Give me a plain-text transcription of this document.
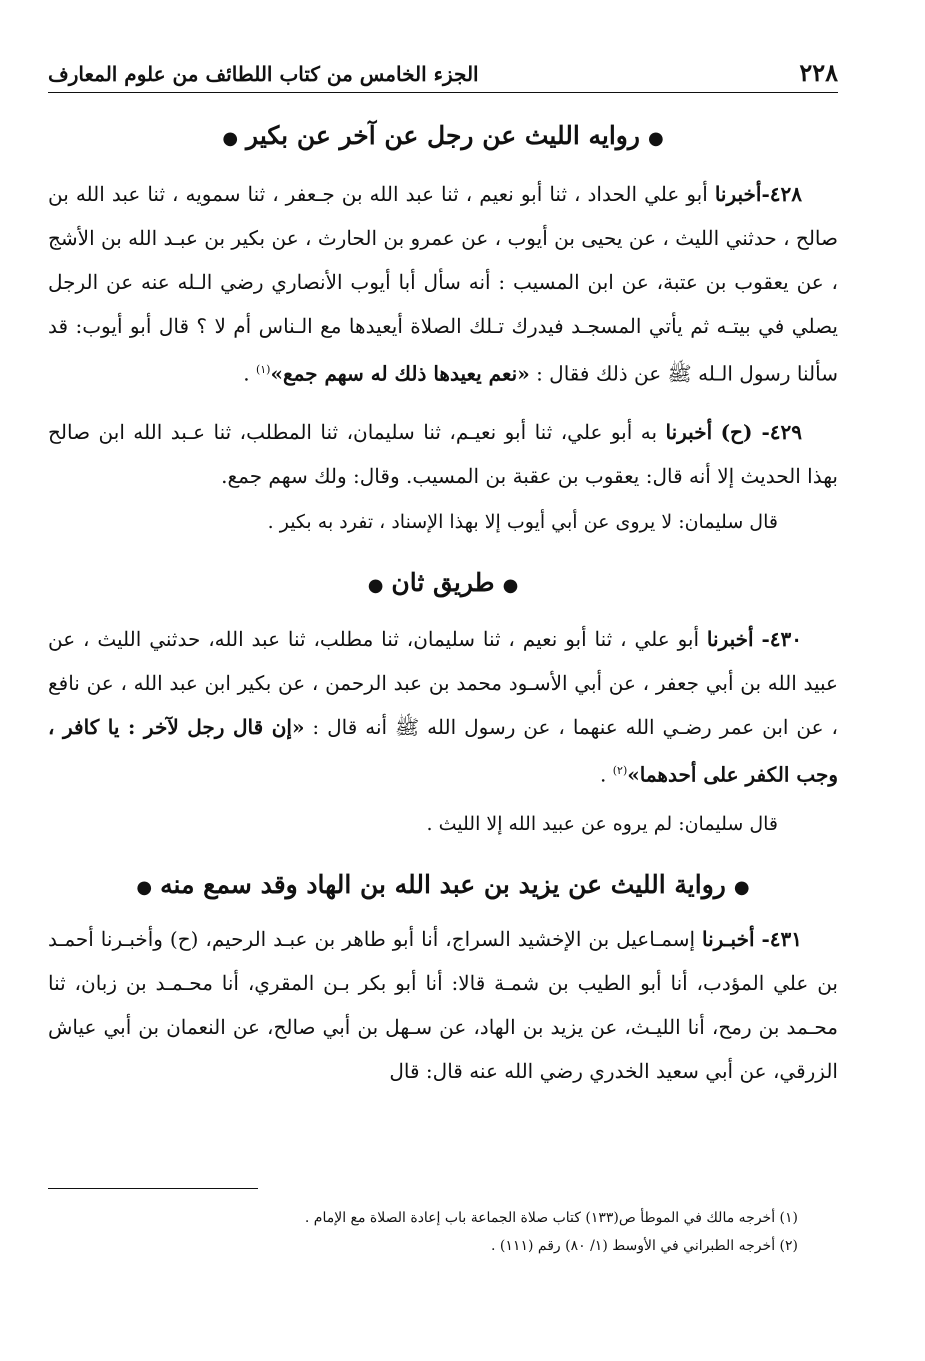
٢٢٨
الجزء الخامس من كتاب اللطائف من علوم المعارف
●روايه الليث عن رجل عن آخر عن بكير●

٤٢٨-أخبرنا أبو علي الحداد ، ثنا أبو نعيم ، ثنا عبد الله بن جـعفر ، ثنا سمويه ، ثنا عبد الله بن صالح ، حدثني الليث ، عن يحيى بن أيوب ، عن عمرو بن الحارث ، عن بكير بن عبـد الله بن الأشج ، عن يعقوب بن عتبة، عن ابن المسيب : أنه سأل أبا أيوب الأنصاري رضي الـله عنه عن الرجل يصلي في بيتـه ثم يأتي المسجـد فيدرك تـلك الصلاة أيعيدها مع الـناس أم لا ؟ قال أبو أيوب: قد سألنا رسول الـله ﷺ عن ذلك فقال : «نعم يعيدها ذلك له سهم جمع»$^{(١)}$ .

٤٢٩- (ح) أخبرنا به أبو علي، ثنا أبو نعيـم، ثنا سليمان، ثنا المطلب، ثنا عـبد الله ابن صالح بهذا الحديث إلا أنه قال: يعقوب بن عقبة بن المسيب. وقال: ولك سهم جمع.

قال سليمان: لا يروى عن أبي أيوب إلا بهذا الإسناد ، تفرد به بكير .

●طريق ثان●

٤٣٠- أخبرنا أبو علي ، ثنا أبو نعيم ، ثنا سليمان، ثنا مطلب، ثنا عبد الله، حدثني الليث ، عن عبيد الله بن أبي جعفر ، عن أبي الأسـود محمد بن عبد الرحمن ، عن بكير ابن عبد الله ، عن نافع ، عن ابن عمر رضـي الله عنهما ، عن رسول الله ﷺ أنه قال : «إن قال رجل لآخر : يا كافر ، وجب الكفر على أحدهما»$^{(٢)}$ .

قال سليمان: لم يروه عن عبيد الله إلا الليث .

●رواية الليث عن يزيد بن عبد الله بن الهاد وقد سمع منه●

٤٣١- أخبـرنا إسمـاعيل بن الإخشيد السراج، أنا أبو طاهر بن عبـد الرحيم، (ح) وأخبـرنا أحمـد بن علي المؤدب، أنا أبو الطيب بن شمـة قالا: أنا أبو بكر بـن المقري، أنا محـمـد بن زبان، ثنا محـمد بن رمح، أنا الليـث، عن يزيد بن الهاد، عن سـهل بن أبي صالح، عن النعمان بن أبي عياش الزرقي، عن أبي سعيد الخدري رضي الله عنه قال: قال

(١) أخرجه مالك في الموطأ ص(١٣٣) كتاب صلاة الجماعة باب إعادة الصلاة مع الإمام .
(٢) أخرجه الطبراني في الأوسط (١/ ٨٠) رقم (١١١) .
